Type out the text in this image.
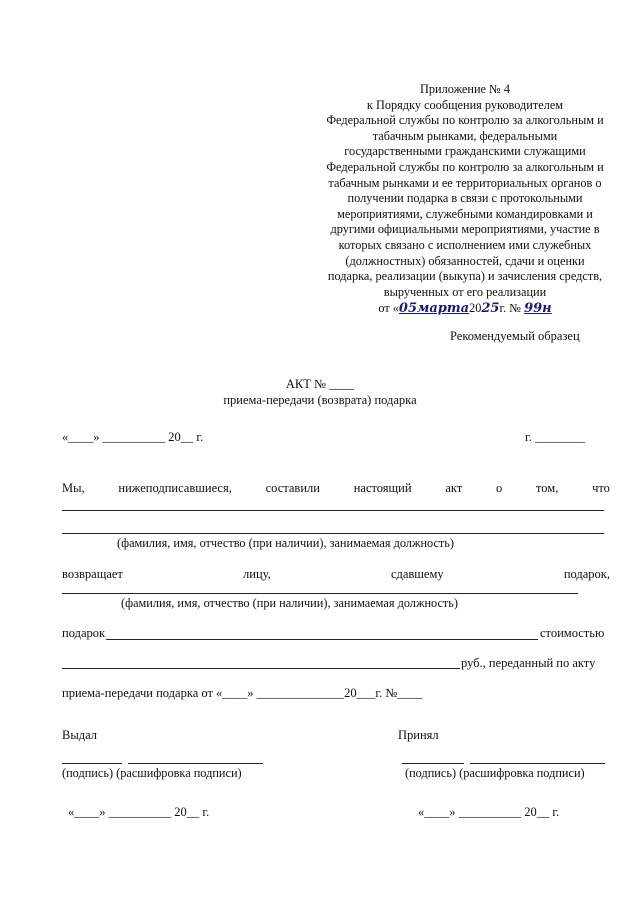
Приложение № 4
к Порядку сообщения руководителем
Федеральной службы по контролю за алкогольным и
табачным рынками, федеральными
государственными гражданскими служащими
Федеральной службы по контролю за алкогольным и
табачным рынками и ее территориальных органов о
получении подарка в связи с протокольными
мероприятиями, служебными командировками и
другими официальными мероприятиями, участие в
которых связано с исполнением ими служебных
(должностных) обязанностей, сдачи и оценки
подарка, реализации (выкупа) и зачисления средств,
вырученных от его реализации
от «05марта2025г. № 99н
Рекомендуемый образец
АКТ № ____
приема-передачи (возврата) подарка
«____» __________ 20__ г.	г. ________
Мы,	нижеподписавшиеся,	составили	настоящий	акт	о	том,	что
(фамилия, имя, отчество (при наличии), занимаемая должность)
возвращает	лицу,	сдавшему	подарок,
(фамилия, имя, отчество (при наличии), занимаемая должность)
подарок	стоимостью
руб., переданный по акту
приема-передачи подарка от «____» ______________20___г. №____
Выдал	Принял
(подпись) (расшифровка подписи)	(подпись) (расшифровка подписи)
«____» __________ 20__ г.	«____» __________ 20__ г.
